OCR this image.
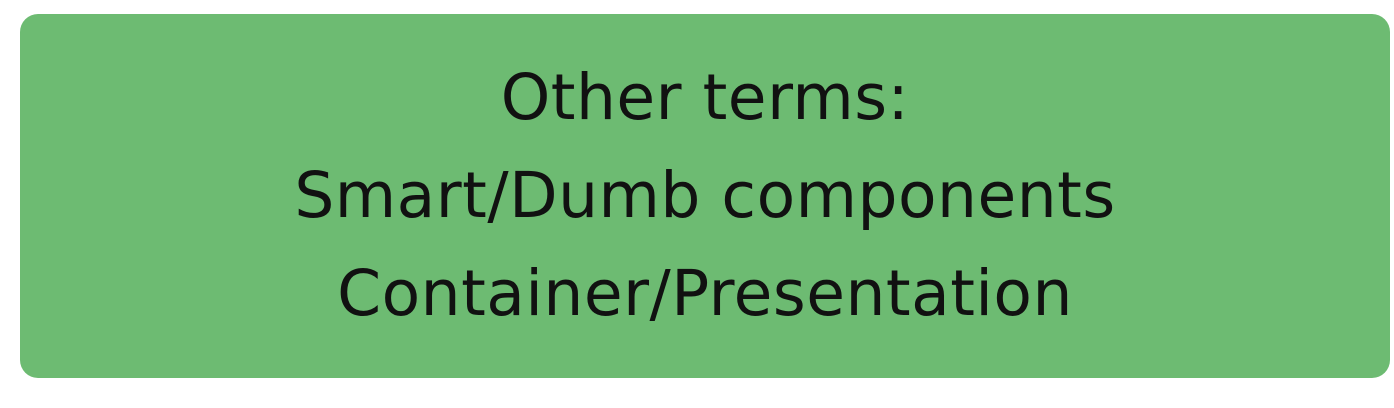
Other terms:
Smart/Dumb components
Container/Presentation
